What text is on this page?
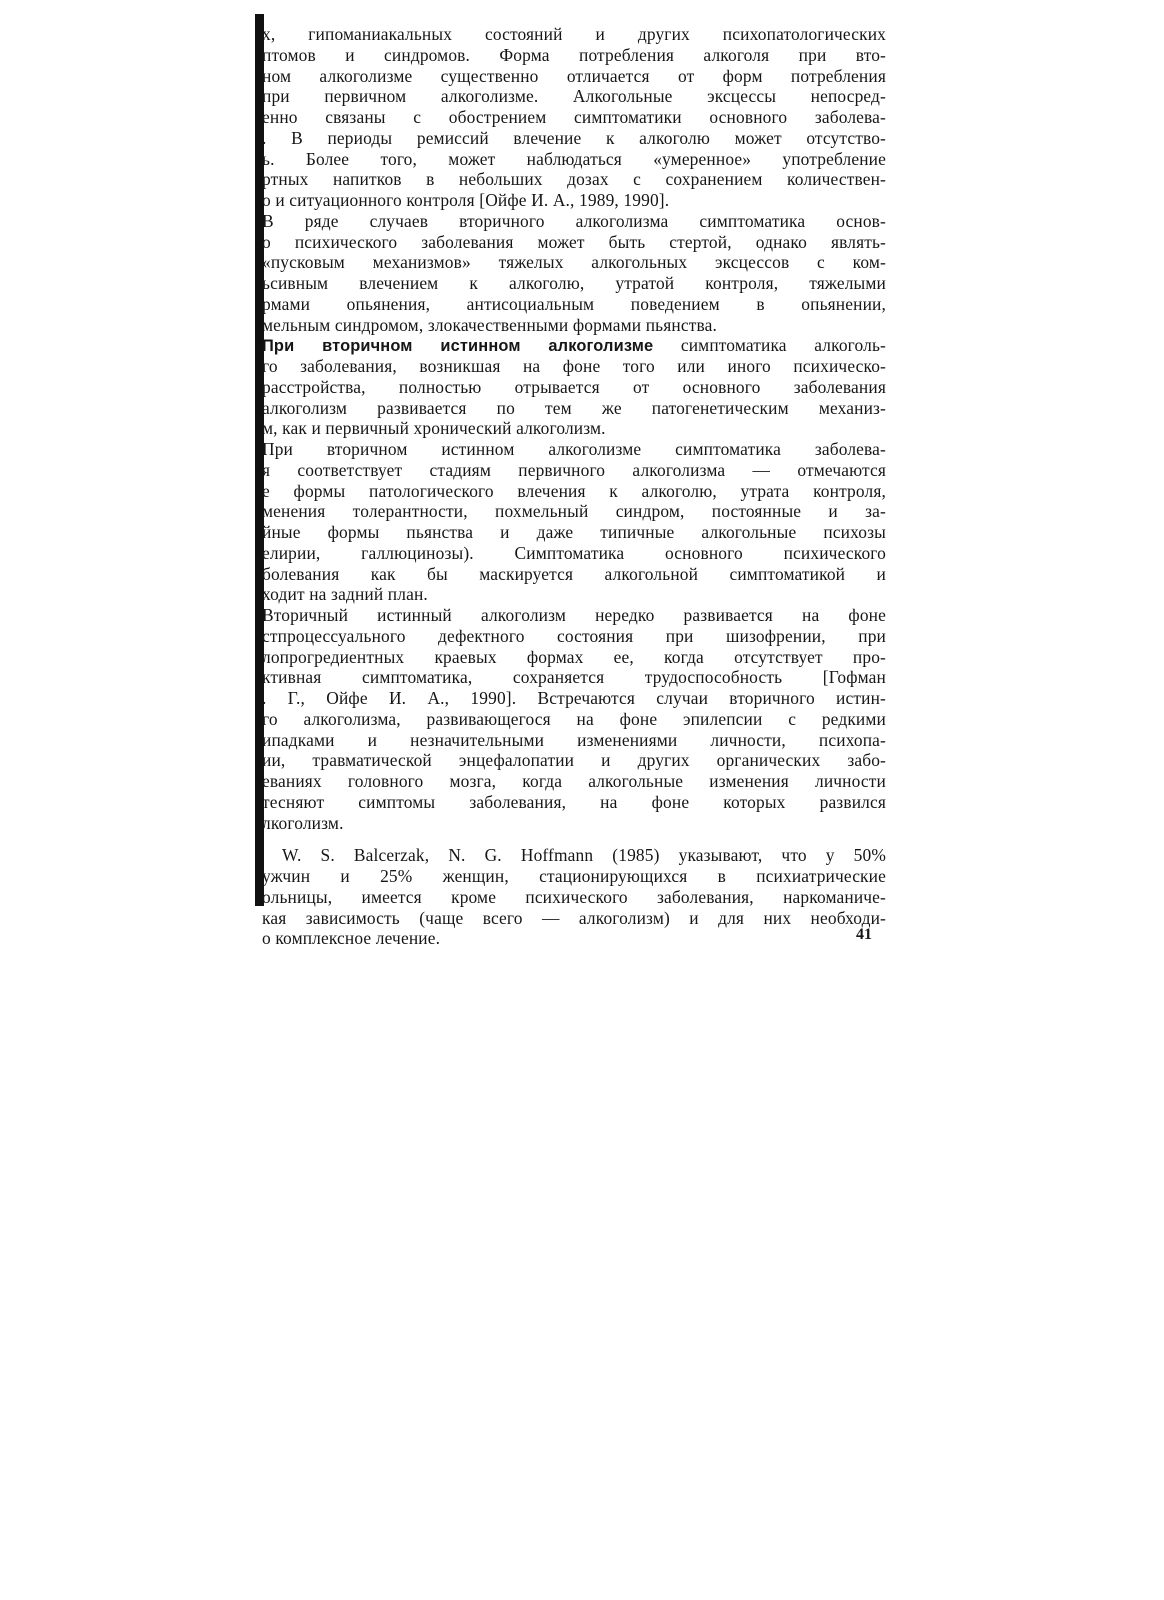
х, гипоманиакальных состояний и других психопатологических
птомов и синдромов. Форма потребления алкоголя при вто-
ном алкоголизме существенно отличается от форм потребления
при первичном алкоголизме. Алкогольные эксцессы непосред-
енно связаны с обострением симптоматики основного заболева-
. В периоды ремиссий влечение к алкоголю может отсутство-
ь. Более того, может наблюдаться «умеренное» употребление
ртных напитков в небольших дозах с сохранением количествен-
о и ситуационного контроля [Ойфе И. А., 1989, 1990].
В ряде случаев вторичного алкоголизма симптоматика основ-
о психического заболевания может быть стертой, однако являть-
«пусковым механизмов» тяжелых алкогольных эксцессов с ком-
ьсивным влечением к алкоголю, утратой контроля, тяжелыми
рмами опьянения, антисоциальным поведением в опьянении,
мельным синдромом, злокачественными формами пьянства.
При вторичном истинном алкоголизме симптоматика алкоголь-
го заболевания, возникшая на фоне того или иного психическо-
расстройства, полностью отрывается от основного заболевания
алкоголизм развивается по тем же патогенетическим механиз-
м, как и первичный хронический алкоголизм.
При вторичном истинном алкоголизме симптоматика заболева-
я соответствует стадиям первичного алкоголизма — отмечаются
е формы патологического влечения к алкоголю, утрата контроля,
менения толерантности, похмельный синдром, постоянные и за-
йные формы пьянства и даже типичные алкогольные психозы
елирии, галлюцинозы). Симптоматика основного психического
болевания как бы маскируется алкогольной симптоматикой и
ходит на задний план.
Вторичный истинный алкоголизм нередко развивается на фоне
стпроцессуального дефектного состояния при шизофрении, при
лопрогредиентных краевых формах ее, когда отсутствует про-
ктивная симптоматика, сохраняется трудоспособность [Гофман
. Г., Ойфе И. А., 1990]. Встречаются случаи вторичного истин-
го алкоголизма, развивающегося на фоне эпилепсии с редкими
ипадками и незначительными изменениями личности, психопа-
ии, травматической энцефалопатии и других органических забо-
еваниях головного мозга, когда алкогольные изменения личности
тесняют симптомы заболевания, на фоне которых развился
лкоголизм.
W. S. Balcerzak, N. G. Hoffmann (1985) указывают, что у 50%
ужчин и 25% женщин, стационирующихся в психиатрические
ольницы, имеется кроме психического заболевания, наркоманиче-
кая зависимость (чаще всего — алкоголизм) и для них необходи-
о комплексное лечение.	41
